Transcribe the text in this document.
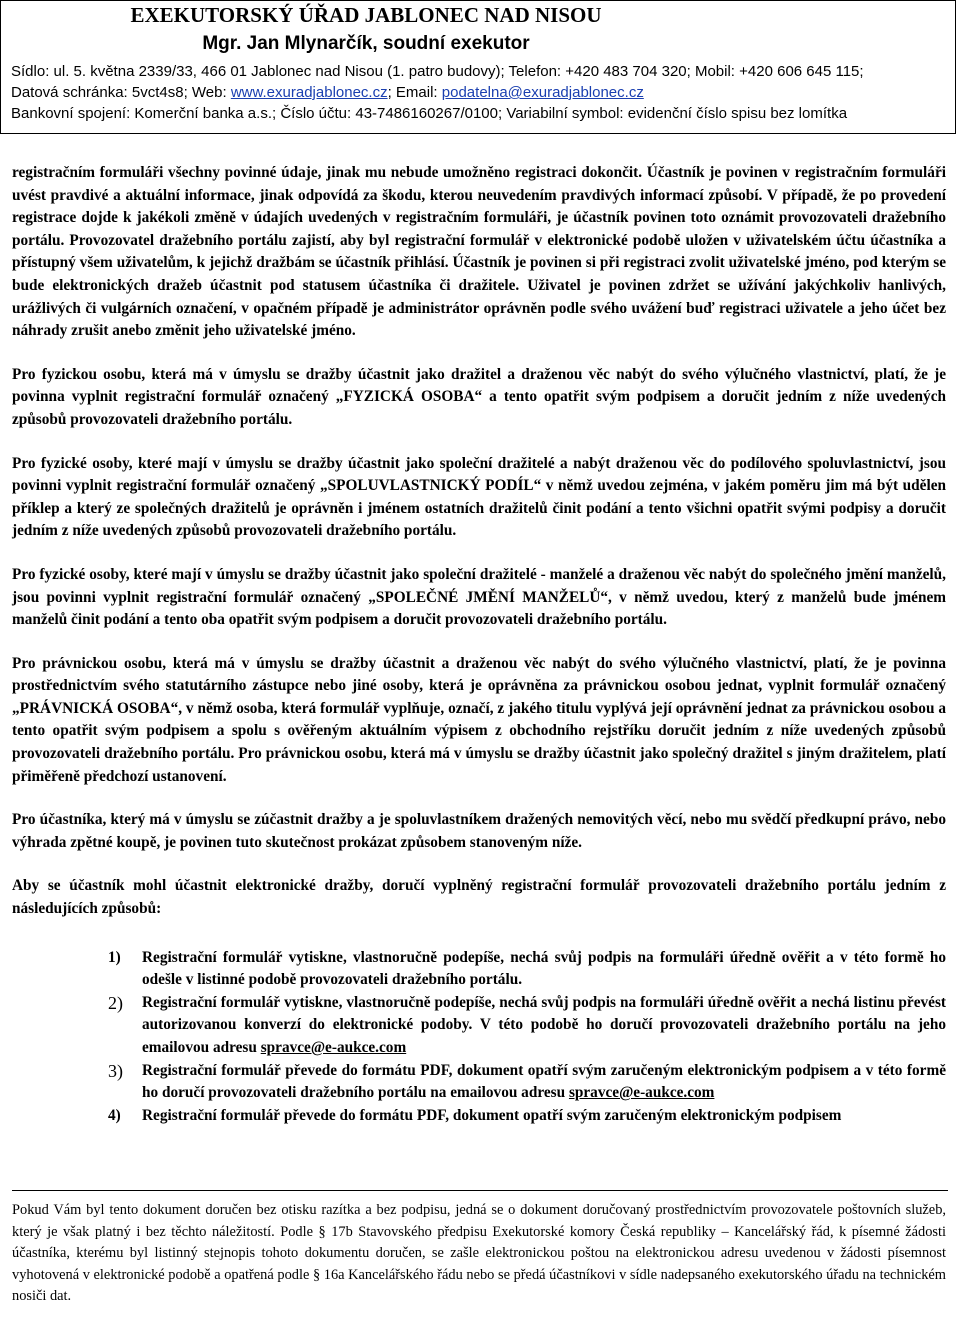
EXEKUTORSKÝ ÚŘAD JABLONEC NAD NISOU
Mgr. Jan Mlynarčík, soudní exekutor
Sídlo: ul. 5. května 2339/33, 466 01 Jablonec nad Nisou (1. patro budovy); Telefon: +420 483 704 320; Mobil: +420 606 645 115;
Datová schránka: 5vct4s8; Web: www.exuradjablonec.cz; Email: podatelna@exuradjablonec.cz
Bankovní spojení: Komerční banka a.s.; Číslo účtu: 43-7486160267/0100; Variabilní symbol: evidenční číslo spisu bez lomítka

registračním formuláři všechny povinné údaje, jinak mu nebude umožněno registraci dokončit. Účastník je povinen v registračním formuláři uvést pravdivé a aktuální informace, jinak odpovídá za škodu, kterou neuvedením pravdivých informací způsobí. V případě, že po provedení registrace dojde k jakékoli změně v údajích uvedených v registračním formuláři, je účastník povinen toto oznámit provozovateli dražebního portálu. Provozovatel dražebního portálu zajistí, aby byl registrační formulář v elektronické podobě uložen v uživatelském účtu účastníka a přístupný všem uživatelům, k jejichž dražbám se účastník přihlásí. Účastník je povinen si při registraci zvolit uživatelské jméno, pod kterým se bude elektronických dražeb účastnit pod statusem účastníka či dražitele. Uživatel je povinen zdržet se užívání jakýchkoliv hanlivých, urážlivých či vulgárních označení, v opačném případě je administrátor oprávněn podle svého uvážení buď registraci uživatele a jeho účet bez náhrady zrušit anebo změnit jeho uživatelské jméno.

Pro fyzickou osobu, která má v úmyslu se dražby účastnit jako dražitel a draženou věc nabýt do svého výlučného vlastnictví, platí, že je povinna vyplnit registrační formulář označený „FYZICKÁ OSOBA“ a tento opatřit svým podpisem a doručit jedním z níže uvedených způsobů provozovateli dražebního portálu.

Pro fyzické osoby, které mají v úmyslu se dražby účastnit jako společní dražitelé a nabýt draženou věc do podílového spoluvlastnictví, jsou povinni vyplnit registrační formulář označený „SPOLUVLASTNICKÝ PODÍL“ v němž uvedou zejména, v jakém poměru jim má být udělen příklep a který ze společných dražitelů je oprávněn i jménem ostatních dražitelů činit podání a tento všichni opatřit svými podpisy a doručit jedním z níže uvedených způsobů provozovateli dražebního portálu.

Pro fyzické osoby, které mají v úmyslu se dražby účastnit jako společní dražitelé - manželé a draženou věc nabýt do společného jmění manželů, jsou povinni vyplnit registrační formulář označený „SPOLEČNÉ JMĚNÍ MANŽELŮ“, v němž uvedou, který z manželů bude jménem manželů činit podání a tento oba opatřit svým podpisem a doručit provozovateli dražebního portálu.

Pro právnickou osobu, která má v úmyslu se dražby účastnit a draženou věc nabýt do svého výlučného vlastnictví, platí, že je povinna prostřednictvím svého statutárního zástupce nebo jiné osoby, která je oprávněna za právnickou osobou jednat, vyplnit formulář označený „PRÁVNICKÁ OSOBA“, v němž osoba, která formulář vyplňuje, označí, z jakého titulu vyplývá její oprávnění jednat za právnickou osobou a tento opatřit svým podpisem a spolu s ověřeným aktuálním výpisem z obchodního rejstříku doručit jedním z níže uvedených způsobů provozovateli dražebního portálu. Pro právnickou osobu, která má v úmyslu se dražby účastnit jako společný dražitel s jiným dražitelem, platí přiměřeně předchozí ustanovení.

Pro účastníka, který má v úmyslu se zúčastnit dražby a je spoluvlastníkem dražených nemovitých věcí, nebo mu svědčí předkupní právo, nebo výhrada zpětné koupě, je povinen tuto skutečnost prokázat způsobem stanoveným níže.

Aby se účastník mohl účastnit elektronické dražby, doručí vyplněný registrační formulář provozovateli dražebního portálu jedním z následujících způsobů:

1) Registrační formulář vytiskne, vlastnoručně podepíše, nechá svůj podpis na formuláři úředně ověřit a v této formě ho odešle v listinné podobě provozovateli dražebního portálu.
2) Registrační formulář vytiskne, vlastnoručně podepíše, nechá svůj podpis na formuláři úředně ověřit a nechá listinu převést autorizovanou konverzí do elektronické podoby. V této podobě ho doručí provozovateli dražebního portálu na jeho emailovou adresu spravce@e-aukce.com
3) Registrační formulář převede do formátu PDF, dokument opatří svým zaručeným elektronickým podpisem a v této formě ho doručí provozovateli dražebního portálu na emailovou adresu spravce@e-aukce.com
4) Registrační formulář převede do formátu PDF, dokument opatří svým zaručeným elektronickým podpisem
Pokud Vám byl tento dokument doručen bez otisku razítka a bez podpisu, jedná se o dokument doručovaný prostřednictvím provozovatele poštovních služeb, který je však platný i bez těchto náležitostí. Podle § 17b Stavovského předpisu Exekutorské komory Česká republiky – Kancelářský řád, k písemné žádosti účastníka, kterému byl listinný stejnopis tohoto dokumentu doručen, se zašle elektronickou poštou na elektronickou adresu uvedenou v žádosti písemnost vyhotovená v elektronické podobě a opatřená podle § 16a Kancelářského řádu nebo se předá účastníkovi v sídle nadepsaného exekutorského úřadu na technickém nosiči dat.
